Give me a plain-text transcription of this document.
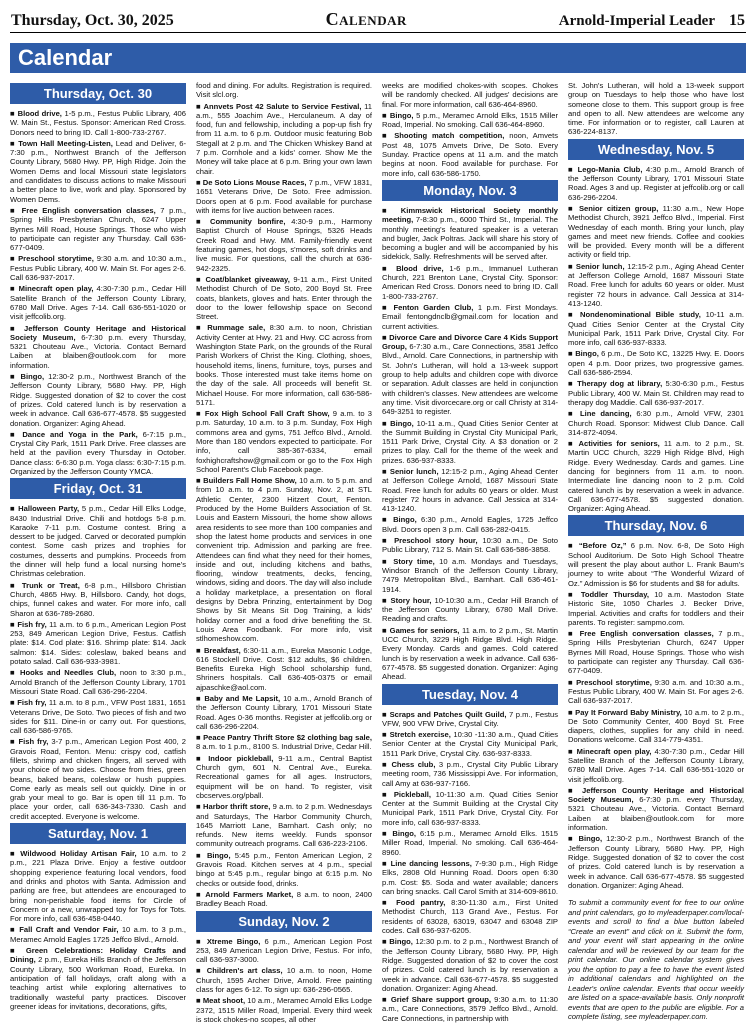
Thursday, Oct. 30, 2025	Calendar	Arnold-Imperial Leader 15
Calendar
Thursday, Oct. 30

■ Blood drive, 1-5 p.m., Festus Public Library, 406 W. Main St., Festus. Sponsor: American Red Cross. Donors need to bring ID. Call 1-800-733-2767.

■ Town Hall Meeting-Listen, Lead and Deliver, 6-7:30 p.m., Northwest Branch of the Jefferson County Library, 5680 Hwy. PP, High Ridge. Join the Women Dems and local Missouri state legislators and candidates to discuss actions to make Missouri a better place to live, work and play. Sponsored by Women Dems.

■ Free English conversation classes, 7 p.m., Spring Hills Presbyterian Church, 6247 Upper Byrnes Mill Road, House Springs. Those who wish to participate can register any Thursday. Call 636-677-0409.

■ Preschool storytime, 9:30 a.m. and 10:30 a.m., Festus Public Library, 400 W. Main St. For ages 2-6. Call 636-937-2017.

■ Minecraft open play, 4:30-7:30 p.m., Cedar Hill Satellite Branch of the Jefferson County Library, 6780 Mall Drive. Ages 7-14. Call 636-551-1020 or visit jeffcolib.org.

■ Jefferson County Heritage and Historical Society Museum, 6-7:30 p.m. every Thursday, 5321 Chouteau Ave., Victoria. Contact Bernard Laiben at blaiben@outlook.com for more information.

■ Bingo, 12:30-2 p.m., Northwest Branch of the Jefferson County Library, 5680 Hwy. PP, High Ridge. Suggested donation of $2 to cover the cost of prizes. Cold catered lunch is by reservation a week in advance. Call 636-677-4578. $5 suggested donation. Organizer: Aging Ahead.

■ Dance and Yoga in the Park, 6-7:15 p.m., Crystal City Park, 1511 Park Drive. Free classes are held at the pavilion every Thursday in October. Dance class: 6-6:30 p.m. Yoga class: 6:30-7:15 p.m. Organized by the Jefferson County YMCA.

Friday, Oct. 31

■ Halloween Party, 5 p.m., Cedar Hill Elks Lodge, 8430 Industrial Drive. Chili and hotdogs 5-8 p.m. Karaoke 7-11 p.m. Costume contest. Bring a dessert to be judged. Carved or decorated pumpkin contest. Some cash prizes and trophies for costumes, desserts and pumpkins. Proceeds from the dinner will help fund a local nursing home's Christmas celebration.

■ Trunk or Treat, 6-8 p.m., Hillsboro Christian Church, 4865 Hwy. B, Hillsboro. Candy, hot dogs, chips, funnel cakes and water. For more info, call Sharon at 636-789-2680.

■ Fish fry, 11 a.m. to 6 p.m., American Legion Post 253, 849 American Legion Drive, Festus. Catfish plate: $14. Cod plate: $16. Shrimp plate: $14. Jack salmon: $14. Sides: coleslaw, baked beans and potato salad. Call 636-933-3981.

■ Hooks and Needles Club, noon to 3:30 p.m., Arnold Branch of the Jefferson County Library, 1701 Missouri State Road. Call 636-296-2204.

■ Fish fry, 11 a.m. to 8 p.m., VFW Post 1831, 1651 Veterans Drive, De Soto. Two pieces of fish and two sides for $11. Dine-in or carry out. For questions, call 636-586-9765.

■ Fish fry, 3-7 p.m., American Legion Post 400, 2 Gravois Road, Fenton. Menu: crispy cod, catfish fillets, shrimp and chicken fingers, all served with your choice of two sides. Choose from fries, green beans, baked beans, coleslaw or hush puppies. Come early as meals sell out quickly. Dine in or grab your meal to go. Bar is open till 11 p.m. To place your order, call 636-343-7330. Cash and credit accepted. Everyone is welcome.

Saturday, Nov. 1

■ Wildwood Holiday Artisan Fair, 10 a.m. to 2 p.m., 221 Plaza Drive. Enjoy a festive outdoor shopping experience featuring local vendors, food and drinks and photos with Santa. Admission and parking are free, but attendees are encouraged to bring non-perishable food items for Circle of Concern or a new, unwrapped toy for Toys for Tots. For more info, call 636-458-0440.

■ Fall Craft and Vendor Fair, 10 a.m. to 3 p.m., Meramec Arnold Eagles 1725 Jeffco Blvd., Arnold.

■ Green Celebrations: Holiday Crafts and Dining, 2 p.m., Eureka Hills Branch of the Jefferson County Library, 500 Workman Road, Eureka. In anticipation of fall holidays, craft along with a teaching artist while exploring alternatives to traditionally wasteful party practices. Discover greener ideas for invitations, decorations, gifts,

food and dining. For adults. Registration is required. Visit slcl.org.

■ Annvets Post 42 Salute to Service Festival, 11 a.m., 555 Joachim Ave., Herculaneum. A day of food, fun and fellowship, including a pop-up fish fry from 11 a.m. to 6 p.m. Outdoor music featuring Bob Stegall at 2 p.m. and The Chicken Whiskey Band at 7 p.m. Cornhole and a kids' corner. Show Me the Money will take place at 6 p.m. Bring your own lawn chair.

■ De Soto Lions Mouse Races, 7 p.m., VFW 1831, 1651 Veterans Drive, De Soto. Free admission. Doors open at 6 p.m. Food available for purchase with items for live auction between races.

■ Community bonfire, 4:30-9 p.m., Harmony Baptist Church of House Springs, 5326 Heads Creek Road and Hwy. MM. Family-friendly event featuring games, hot dogs, s'mores, soft drinks and live music. For questions, call the church at 636-942-2325.

■ Coat/blanket giveaway, 9-11 a.m., First United Methodist Church of De Soto, 200 Boyd St. Free coats, blankets, gloves and hats. Enter through the door to the lower fellowship space on Second Street.

■ Rummage sale, 8:30 a.m. to noon, Christian Activity Center at Hwy. 21 and Hwy. CC across from Washington State Park, on the grounds of the Rural Parish Workers of Christ the King. Clothing, shoes, household items, linens, furniture, toys, purses and books. Those interested must take items home on the day of the sale. All proceeds will benefit St. Michael House. For more information, call 636-586-5171.

■ Fox High School Fall Craft Show, 9 a.m. to 3 p.m. Saturday, 10 a.m. to 3 p.m. Sunday, Fox High commons area and gyms, 751 Jeffco Blvd., Arnold. More than 180 vendors expected to participate. For info, call 385-367-6334, email foxhighcraftshow@gmail.com or go to the Fox High School Parent's Club Facebook page.

■ Builders Fall Home Show, 10 a.m. to 5 p.m. and from 10 a.m. to 4 p.m. Sunday, Nov. 2, at STL Athletic Center, 2300 Hitzert Court, Fenton. Produced by the Home Builders Association of St. Louis and Eastern Missouri, the home show allows area residents to see more than 100 companies and shop the latest home products and services in one convenient trip. Admission and parking are free. Attendees can find what they need for their homes, inside and out, including kitchens and baths, flooring, window treatments, decks, fencing, windows, siding and doors. The day will also include a holiday marketplace, a presentation on floral designs by Debra Prinzing, entertainment by Dog Shows by Sit Means Sit Dog Training, a kids' holiday corner and a food drive benefiting the St. Louis Area Foodbank. For more info, visit stlhomeshow.com.

■ Breakfast, 6:30-11 a.m., Eureka Masonic Lodge, 616 Stockell Drive. Cost: $12 adults, $6 children. Benefits Eureka High School scholarship fund, Shriners hospitals. Call 636-405-0375 or email ajpaschke@aol.com.

■ Baby and Me Lapsit, 10 a.m., Arnold Branch of the Jefferson County Library, 1701 Missouri State Road. Ages 0-36 months. Register at jeffcolib.org or call 636-296-2204.

■ Peace Pantry Thrift Store $2 clothing bag sale, 8 a.m. to 1 p.m., 8100 S. Industrial Drive, Cedar Hill.

■ Indoor pickleball, 9-11 a.m., Central Baptist Church gym, 601 N. Central Ave., Eureka. Recreational games for all ages. Instructors, equipment will be on hand. To register, visit cbcserves.org/pball.

■ Harbor thrift store, 9 a.m. to 2 p.m. Wednesdays and Saturdays, The Harbor Community Church, 1645 Marriott Lane, Barnhart. Cash only; no refunds. New items weekly. Funds sponsor community outreach programs. Call 636-223-2106.

■ Bingo, 5:45 p.m., Fenton American Legion, 2 Gravois Road. Kitchen serves at 4 p.m., special bingo at 5:45 p.m., regular bingo at 6:15 p.m. No checks or outside food, drinks.

■ Arnold Farmers Market, 8 a.m. to noon, 2400 Bradley Beach Road.

Sunday, Nov. 2

■ Xtreme Bingo, 6 p.m., American Legion Post 253, 849 American Legion Drive, Festus. For info, call 636-937-3000.

■ Children's art class, 10 a.m. to noon, Home Church, 1595 Archer Drive, Arnold. Free painting class for ages 6-12. To sign up: 636-296-0565.

■ Meat shoot, 10 a.m., Meramec Arnold Elks Lodge 2372, 1515 Miller Road, Imperial. Every third week is stock chokes-no scopes, all other

weeks are modified chokes-with scopes. Chokes will be randomly checked. All judges' decisions are final. For more information, call 636-464-8960.

■ Bingo, 5 p.m., Meramec Arnold Elks, 1515 Miller Road, Imperial. No smoking. Call 636-464-8960.

■ Shooting match competition, noon, Amvets Post 48, 1075 Amvets Drive, De Soto. Every Sunday. Practice opens at 11 a.m. and the match begins at noon. Food available for purchase. For more info, call 636-586-1750.

Monday, Nov. 3

■ Kimmswick Historical Society monthly meeting, 7-8:30 p.m., 6000 Third St., Imperial. The monthly meeting's featured speaker is a veteran and bugler, Jack Poltras. Jack will share his story of becoming a bugler and will be accompanied by his sidekick, Sally. Refreshments will be served after.

■ Blood drive, 1-6 p.m., Immanuel Lutheran Church, 221 Brenton Lane, Crystal City. Sponsor: American Red Cross. Donors need to bring ID. Call 1-800-733-2767.

■ Fenton Garden Club, 1 p.m. First Mondays. Email fentongdnclb@gmail.com for location and current activities.

■ Divorce Care and Divorce Care 4 Kids Support Group, 6-7:30 a.m., Care Connections, 3581 Jeffco Blvd., Arnold. Care Connections, in partnership with St. John's Lutheran, will hold a 13-week support group to help adults and children cope with divorce or separation. Adult classes are held in conjunction with children's classes. New attendees are welcome any time. Visit divorcecare.org or call Christy at 314-649-3251 to register.

■ Bingo, 10-11 a.m., Quad Cities Senior Center at the Summit Building in Crystal City Municipal Park, 1511 Park Drive, Crystal City. A $3 donation or 2 prizes to play. Call for the theme of the week and prizes. 636-937-8333.

■ Senior lunch, 12:15-2 p.m., Aging Ahead Center at Jefferson College Arnold, 1687 Missouri State Road. Free lunch for adults 60 years or older. Must register 72 hours in advance. Call Jessica at 314-413-1240.

■ Bingo, 6:30 p.m., Arnold Eagles, 1725 Jeffco Blvd. Doors open 3 p.m. Call 636-282-0415.

■ Preschool story hour, 10:30 a.m., De Soto Public Library, 712 S. Main St. Call 636-586-3858.

■ Story time, 10 a.m. Mondays and Tuesdays, Windsor Branch of the Jefferson County Library, 7479 Metropolitan Blvd., Barnhart. Call 636-461-1914.

■ Story hour, 10-10:30 a.m., Cedar Hill Branch of the Jefferson County Library, 6780 Mall Drive. Reading and crafts.

■ Games for seniors, 11 a.m. to 2 p.m., St. Martin UCC Church, 3229 High Ridge Blvd. High Ridge. Every Monday. Cards and games. Cold catered lunch is by reservation a week in advance. Call 636-677-4578. $5 suggested donation. Organizer: Aging Ahead.

Tuesday, Nov. 4

■ Scraps and Patches Quilt Guild, 7 p.m., Festus VFW, 900 VFW Drive, Crystal City.

■ Stretch exercise, 10:30 -11:30 a.m., Quad Cities Senior Center at the Crystal City Municipal Park, 1511 Park Drive, Crystal City. 636-937-8333.

■ Chess club, 3 p.m., Crystal City Public Library meeting room, 736 Mississippi Ave. For information, call Amy at 636-937-7166.

■ Pickleball, 10-11:30 a.m. Quad Cities Senior Center at the Summit Building at the Crystal City Municipal Park, 1511 Park Drive, Crystal City. For more info, call 636-937-8333.

■ Bingo, 6:15 p.m., Meramec Arnold Elks. 1515 Miller Road, Imperial. No smoking. Call 636-464-8960.

■ Line dancing lessons, 7-9:30 p.m., High Ridge Elks, 2808 Old Hunning Road. Doors open 6:30 p.m. Cost: $5. Soda and water available; dancers can bring snacks. Call Carol Smith at 314-609-8610.

■ Food pantry, 8:30-11:30 a.m., First United Methodist Church, 113 Grand Ave., Festus. For residents of 63028, 63019, 63047 and 63048 ZIP codes. Call 636-937-6205.

■ Bingo, 12:30 p.m. to 2 p.m., Northwest Branch of the Jefferson County Library, 5680 Hwy. PP, High Ridge. Suggested donation of $2 to cover the cost of prizes. Cold catered lunch is by reservation a week in advance. Call 636-677-4578. $5 suggested donation. Organizer: Aging Ahead.

■ Grief Share support group, 9:30 a.m. to 11:30 a.m., Care Connections, 3579 Jeffco Blvd., Arnold. Care Connections, in partnership with

St. John's Lutheran, will hold a 13-week support group on Tuesdays to help those who have lost someone close to them. This support group is free and open to all. New attendees are welcome any time. For information or to register, call Lauren at 636-224-8137.

Wednesday, Nov. 5

■ Lego-Mania Club, 4:30 p.m., Arnold Branch of the Jefferson County Library, 1701 Missouri State Road. Ages 3 and up. Register at jeffcolib.org or call 636-296-2204.

■ Senior citizen group, 11:30 a.m., New Hope Methodist Church, 3921 Jeffco Blvd., Imperial. First Wednesday of each month. Bring your lunch, play games and meet new friends. Coffee and cookies will be provided. Every month will be a different activity or field trip.

■ Senior lunch, 12:15-2 p.m., Aging Ahead Center at Jefferson College Arnold, 1687 Missouri State Road. Free lunch for adults 60 years or older. Must register 72 hours in advance. Call Jessica at 314-413-1240.

■ Nondenominational Bible study, 10-11 a.m. Quad Cities Senior Center at the Crystal City Municipal Park, 1511 Park Drive, Crystal City. For more info, call 636-937-8333.

■ Bingo, 6 p.m., De Soto KC, 13225 Hwy. E. Doors open 4 p.m. Door prizes, two progressive games. Call 636-586-2594.

■ Therapy dog at library, 5:30-6:30 p.m., Festus Public Library, 400 W. Main St. Children may read to therapy dog Maddie. Call 636-937-2017.

■ Line dancing, 6:30 p.m., Arnold VFW, 2301 Church Road. Sponsor: Midwest Club Dance. Call 314-872-4094.

■ Activities for seniors, 11 a.m. to 2 p.m., St. Martin UCC Church, 3229 High Ridge Blvd, High Ridge. Every Wednesday. Cards and games. Line dancing for beginners from 11 a.m. to noon. Intermediate line dancing noon to 2 p.m. Cold catered lunch is by reservation a week in advance. Call 636-677-4578. $5 suggested donation. Organizer: Aging Ahead.

Thursday, Nov. 6

■ “Before Oz,” 6 p.m. Nov. 6-8, De Soto High School Auditorium. De Soto High School Theatre will present the play about author L. Frank Baum's journey to write about “The Wonderful Wizard of Oz.” Admission is $6 for students and $8 for adults.

■ Toddler Thursday, 10 a.m. Mastodon State Historic Site, 1050 Charles J. Becker Drive, Imperial. Activities and crafts for toddlers and their parents. To register: sampmo.com.

■ Free English conversation classes, 7 p.m., Spring Hills Presbyterian Church, 6247 Upper Byrnes Mill Road, House Springs. Those who wish to participate can register any Thursday. Call 636-677-0409.

■ Preschool storytime, 9:30 a.m. and 10:30 a.m., Festus Public Library, 400 W. Main St. For ages 2-6. Call 636-937-2017.

■ Pay It Forward Baby Ministry, 10 a.m. to 2 p.m., De Soto Community Center, 400 Boyd St. Free diapers, clothes, supplies for any child in need. Donations welcome. Call 314-779-4351.

■ Minecraft open play, 4:30-7:30 p.m., Cedar Hill Satellite Branch of the Jefferson County Library, 6780 Mall Drive. Ages 7-14. Call 636-551-1020 or visit jeffcolib.org.

■ Jefferson County Heritage and Historical Society Museum, 6-7:30 p.m. every Thursday, 5321 Chouteau Ave., Victoria. Contact Bernard Laiben at blaiben@outlook.com for more information.

■ Bingo, 12:30-2 p.m., Northwest Branch of the Jefferson County Library, 5680 Hwy. PP, High Ridge. Suggested donation of $2 to cover the cost of prizes. Cold catered lunch is by reservation a week in advance. Call 636-677-4578. $5 suggested donation. Organizer: Aging Ahead.

To submit a community event for free to our online and print calendars, go to myleaderpaper.com/local-events and scroll to find a blue button labeled “Create an event” and click on it. Submit the form, and your event will start appearing in the online calendar and will be reviewed by our team for the print calendar. Our online calendar system gives you the option to pay a fee to have the event listed in additional calendars and highlighted on the Leader's online calendar. Events that occur weekly are listed on a space-available basis. Only nonprofit events that are open to the public are eligible. For a complete listing, see myleaderpaper.com.
